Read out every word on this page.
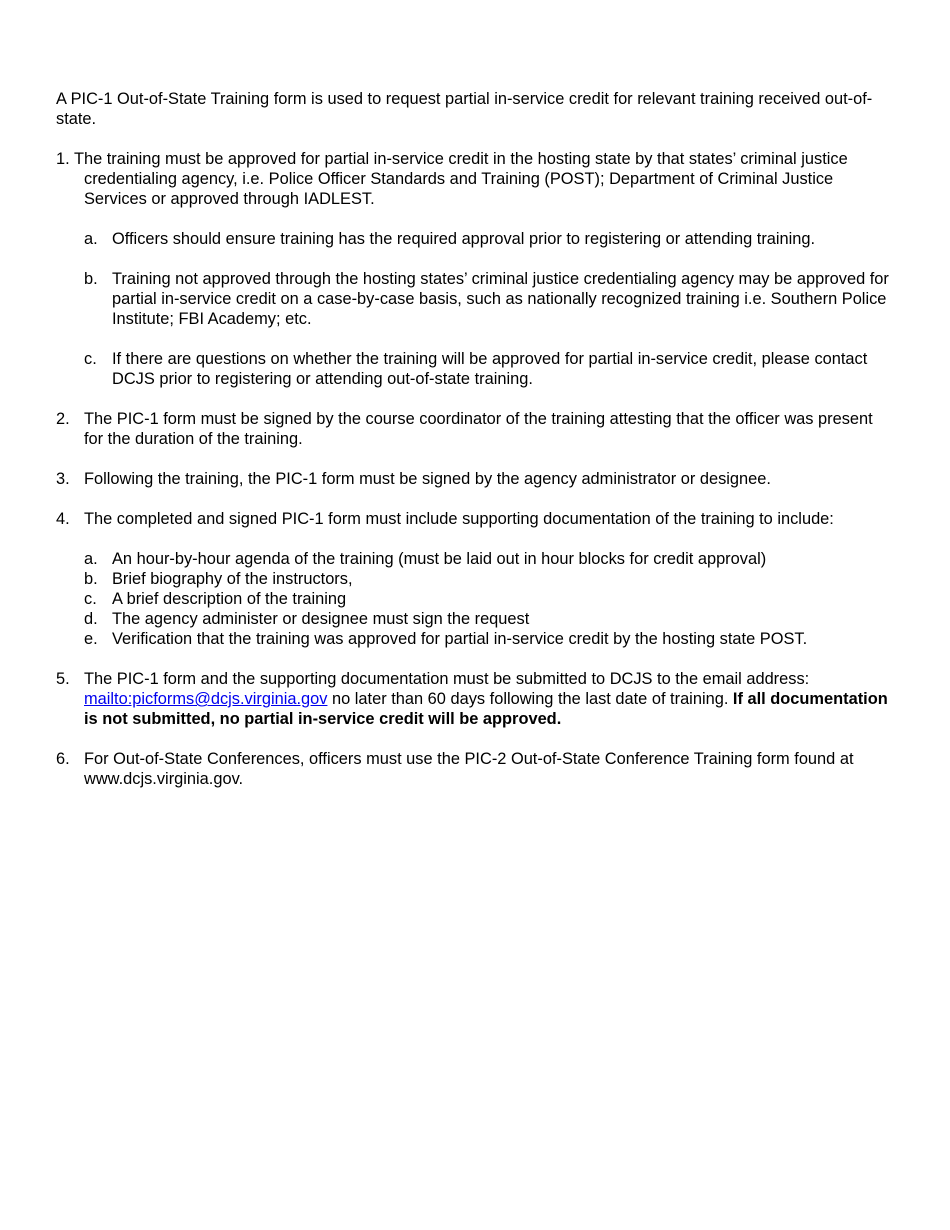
A PIC-1 Out-of-State Training form is used to request partial in-service credit for relevant training received out-of-state.

1. The training must be approved for partial in-service credit in the hosting state by that states’ criminal justice credentialing agency, i.e. Police Officer Standards and Training (POST); Department of Criminal Justice Services or approved through IADLEST.
a. Officers should ensure training has the required approval prior to registering or attending training.
b. Training not approved through the hosting states’ criminal justice credentialing agency may be approved for partial in-service credit on a case-by-case basis, such as nationally recognized training i.e. Southern Police Institute; FBI Academy; etc.
c. If there are questions on whether the training will be approved for partial in-service credit, please contact DCJS prior to registering or attending out-of-state training.
2. The PIC-1 form must be signed by the course coordinator of the training attesting that the officer was present for the duration of the training.
3. Following the training, the PIC-1 form must be signed by the agency administrator or designee.
4. The completed and signed PIC-1 form must include supporting documentation of the training to include:
a. An hour-by-hour agenda of the training (must be laid out in hour blocks for credit approval)
b. Brief biography of the instructors,
c. A brief description of the training
d. The agency administer or designee must sign the request
e. Verification that the training was approved for partial in-service credit by the hosting state POST.
5. The PIC-1 form and the supporting documentation must be submitted to DCJS to the email address: mailto:picforms@dcjs.virginia.gov no later than 60 days following the last date of training. If all documentation is not submitted, no partial in-service credit will be approved.
6. For Out-of-State Conferences, officers must use the PIC-2 Out-of-State Conference Training form found at www.dcjs.virginia.gov.
